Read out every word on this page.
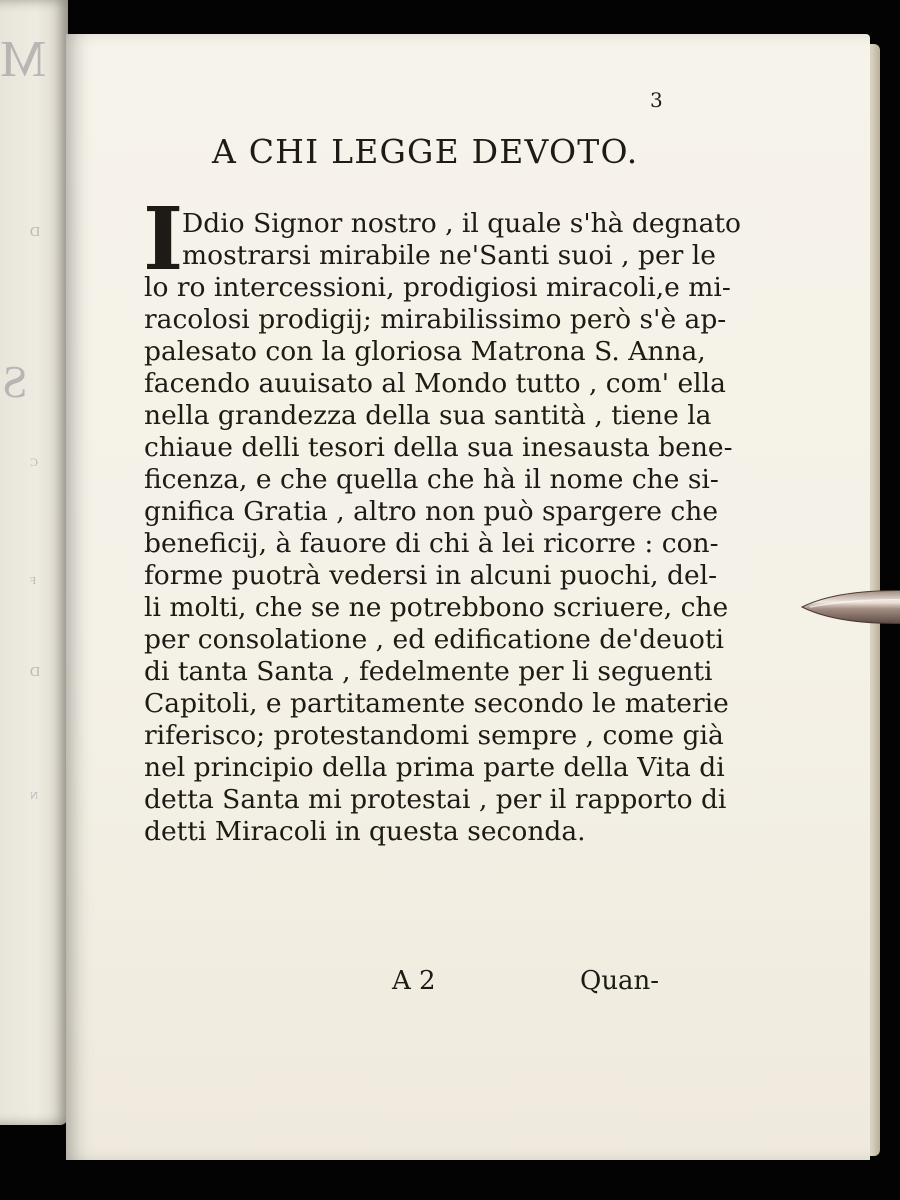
M
D
S
C
F
D
N
3
A CHI LEGGE DEVOTO.
I
Ddio Signor nostro , il quale s'hà degnato
mostrarsi mirabile ne'Santi suoi , per le
lo ro intercessioni, prodigiosi miracoli,e mi-
racolosi prodigij; mirabilissimo però s'è ap-
palesato con la gloriosa Matrona S. Anna,
facendo auuisato al Mondo tutto , com' ella
nella grandezza della sua santità , tiene la
chiaue delli tesori della sua inesausta bene-
ficenza, e che quella che hà il nome che si-
gnifica Gratia , altro non può spargere che
beneficij, à fauore di chi à lei ricorre : con-
forme puotrà vedersi in alcuni puochi, del-
li molti, che se ne potrebbono scriuere, che
per consolatione , ed edificatione de'deuoti
di tanta Santa , fedelmente per li seguenti
Capitoli, e partitamente secondo le materie
riferisco; protestandomi sempre , come già
nel principio della prima parte della Vita di
detta Santa mi protestai , per il rapporto di
detti Miracoli in questa seconda.
A 2	Quan-
